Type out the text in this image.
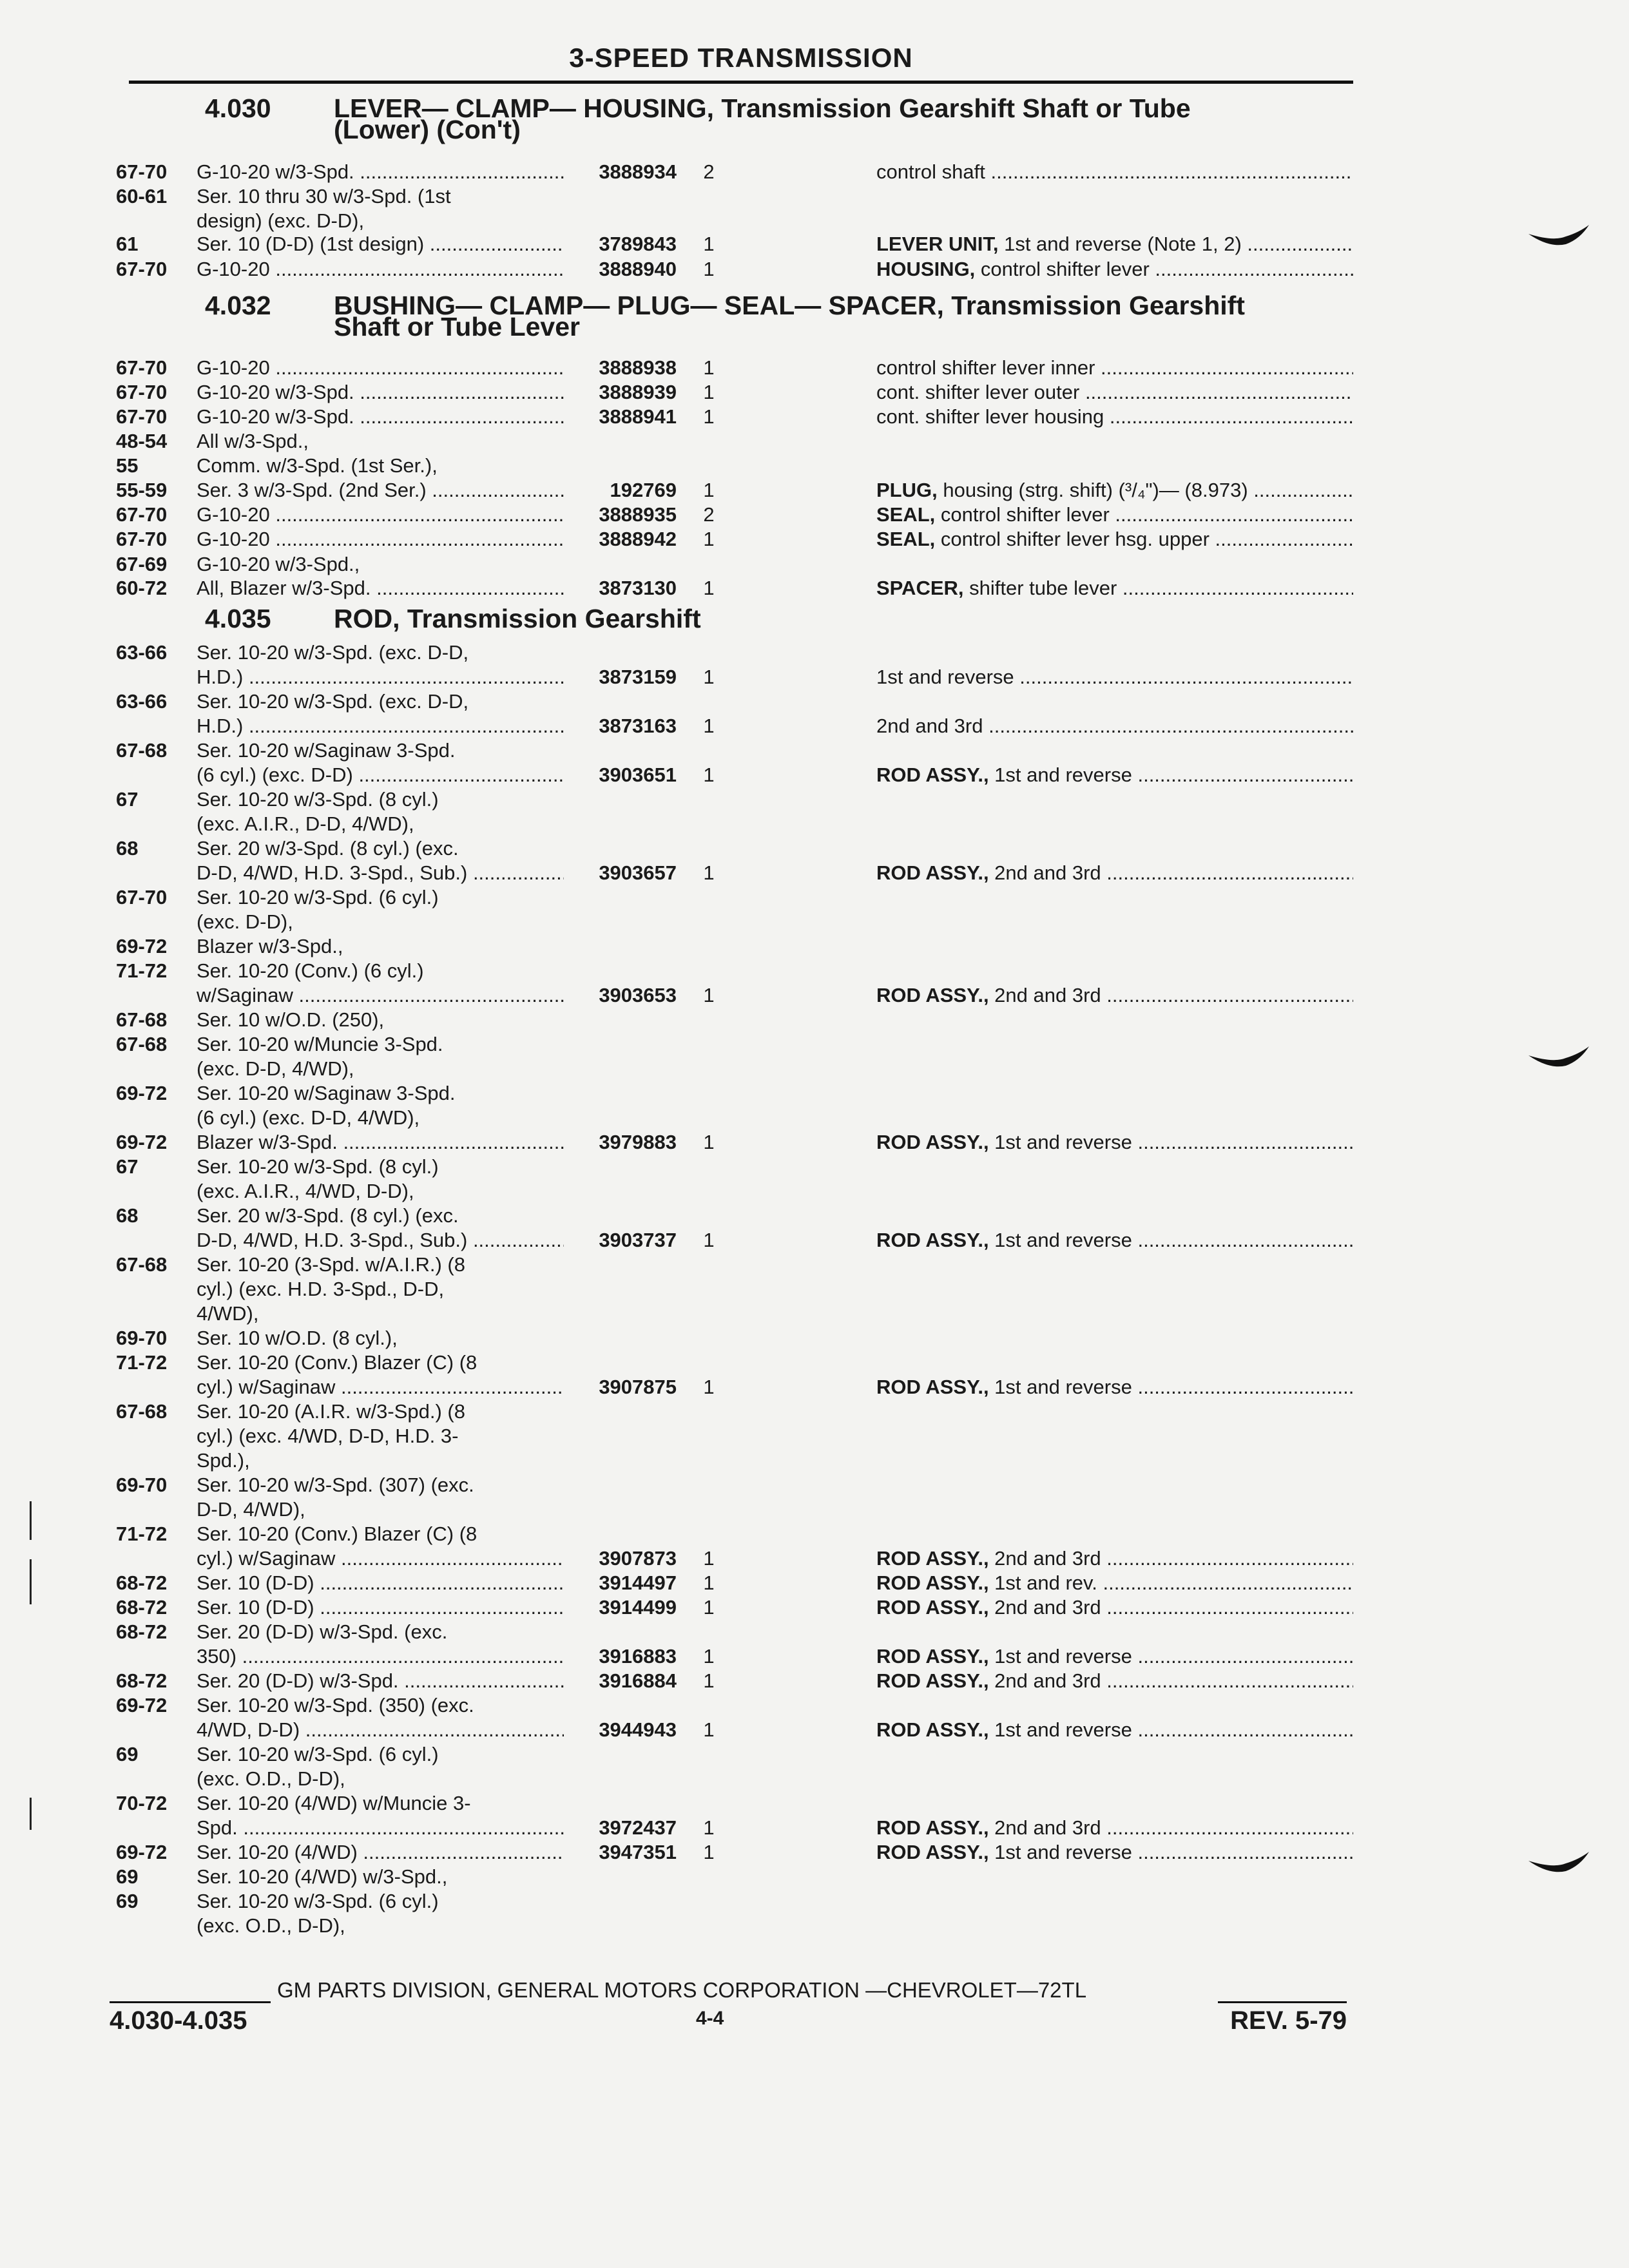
3-SPEED TRANSMISSION
4.030 LEVER— CLAMP— HOUSING, Transmission Gearshift Shaft or Tube
(Lower) (Con't)
4.032 BUSHING— CLAMP— PLUG— SEAL— SPACER, Transmission Gearshift
Shaft or Tube Lever
4.035 ROD, Transmission Gearshift
67-70 G-10-20 w/3-Spd. .....	3888934 2	control shaft .....
60-61 Ser. 10 thru 30 w/3-Spd. (1st
design) (exc. D-D),
61	Ser. 10 (D-D) (1st design) .....	3789843 1	LEVER UNIT, 1st and reverse (Note 1, 2) .....
67-70 G-10-20 .....	3888940 1	HOUSING, control shifter lever .....
67-70 G-10-20 .....	3888938 1	control shifter lever inner .....
67-70 G-10-20 w/3-Spd. .....	3888939 1	cont. shifter lever outer .....
67-70 G-10-20 w/3-Spd. .....	3888941 1	cont. shifter lever housing .....
48-54 All w/3-Spd.,
55	Comm. w/3-Spd. (1st Ser.),
55-59 Ser. 3 w/3-Spd. (2nd Ser.) .....	192769 1	PLUG, housing (strg. shift) (³/₄")— (8.973) .....
67-70 G-10-20 .....	3888935 2	SEAL, control shifter lever .....
67-70 G-10-20 .....	3888942 1	SEAL, control shifter lever hsg. upper .....
67-69 G-10-20 w/3-Spd.,
60-72 All, Blazer w/3-Spd. .....	3873130 1	SPACER, shifter tube lever .....
63-66 Ser. 10-20 w/3-Spd. (exc. D-D,
H.D.) .....	3873159 1	1st and reverse .....
63-66 Ser. 10-20 w/3-Spd. (exc. D-D,
H.D.) .....	3873163 1	2nd and 3rd .....
67-68 Ser. 10-20 w/Saginaw 3-Spd.
(6 cyl.) (exc. D-D) .....	3903651 1	ROD ASSY., 1st and reverse .....
67	Ser. 10-20 w/3-Spd. (8 cyl.)
(exc. A.I.R., D-D, 4/WD),
68	Ser. 20 w/3-Spd. (8 cyl.) (exc.
D-D, 4/WD, H.D. 3-Spd., Sub.) .....	3903657 1	ROD ASSY., 2nd and 3rd .....
67-70 Ser. 10-20 w/3-Spd. (6 cyl.)
(exc. D-D),
69-72 Blazer w/3-Spd.,
71-72 Ser. 10-20 (Conv.) (6 cyl.)
w/Saginaw .....	3903653 1	ROD ASSY., 2nd and 3rd .....
67-68 Ser. 10 w/O.D. (250),
67-68 Ser. 10-20 w/Muncie 3-Spd.
(exc. D-D, 4/WD),
69-72 Ser. 10-20 w/Saginaw 3-Spd.
(6 cyl.) (exc. D-D, 4/WD),
69-72 Blazer w/3-Spd. .....	3979883 1	ROD ASSY., 1st and reverse .....
67	Ser. 10-20 w/3-Spd. (8 cyl.)
(exc. A.I.R., 4/WD, D-D),
68	Ser. 20 w/3-Spd. (8 cyl.) (exc.
D-D, 4/WD, H.D. 3-Spd., Sub.) .....	3903737 1	ROD ASSY., 1st and reverse .....
67-68 Ser. 10-20 (3-Spd. w/A.I.R.) (8
cyl.) (exc. H.D. 3-Spd., D-D,
4/WD),
69-70 Ser. 10 w/O.D. (8 cyl.),
71-72 Ser. 10-20 (Conv.) Blazer (C) (8
cyl.) w/Saginaw .....	3907875 1	ROD ASSY., 1st and reverse .....
67-68 Ser. 10-20 (A.I.R. w/3-Spd.) (8
cyl.) (exc. 4/WD, D-D, H.D. 3-
Spd.),
69-70 Ser. 10-20 w/3-Spd. (307) (exc.
D-D, 4/WD),
71-72 Ser. 10-20 (Conv.) Blazer (C) (8
cyl.) w/Saginaw .....	3907873 1	ROD ASSY., 2nd and 3rd .....
68-72 Ser. 10 (D-D) .....	3914497 1	ROD ASSY., 1st and rev. .....
68-72 Ser. 10 (D-D) .....	3914499 1	ROD ASSY., 2nd and 3rd .....
68-72 Ser. 20 (D-D) w/3-Spd. (exc.
350) .....	3916883 1	ROD ASSY., 1st and reverse .....
68-72 Ser. 20 (D-D) w/3-Spd. .....	3916884 1	ROD ASSY., 2nd and 3rd .....
69-72 Ser. 10-20 w/3-Spd. (350) (exc.
4/WD, D-D) .....	3944943 1	ROD ASSY., 1st and reverse .....
69	Ser. 10-20 w/3-Spd. (6 cyl.)
(exc. O.D., D-D),
70-72 Ser. 10-20 (4/WD) w/Muncie 3-
Spd. .....	3972437 1	ROD ASSY., 2nd and 3rd .....
69-72 Ser. 10-20 (4/WD) .....	3947351 1	ROD ASSY., 1st and reverse .....
69	Ser. 10-20 (4/WD) w/3-Spd.,
69	Ser. 10-20 w/3-Spd. (6 cyl.)
(exc. O.D., D-D),
GM PARTS DIVISION, GENERAL MOTORS CORPORATION —CHEVROLET—72TL
4.030-4.035	4-4	REV. 5-79
